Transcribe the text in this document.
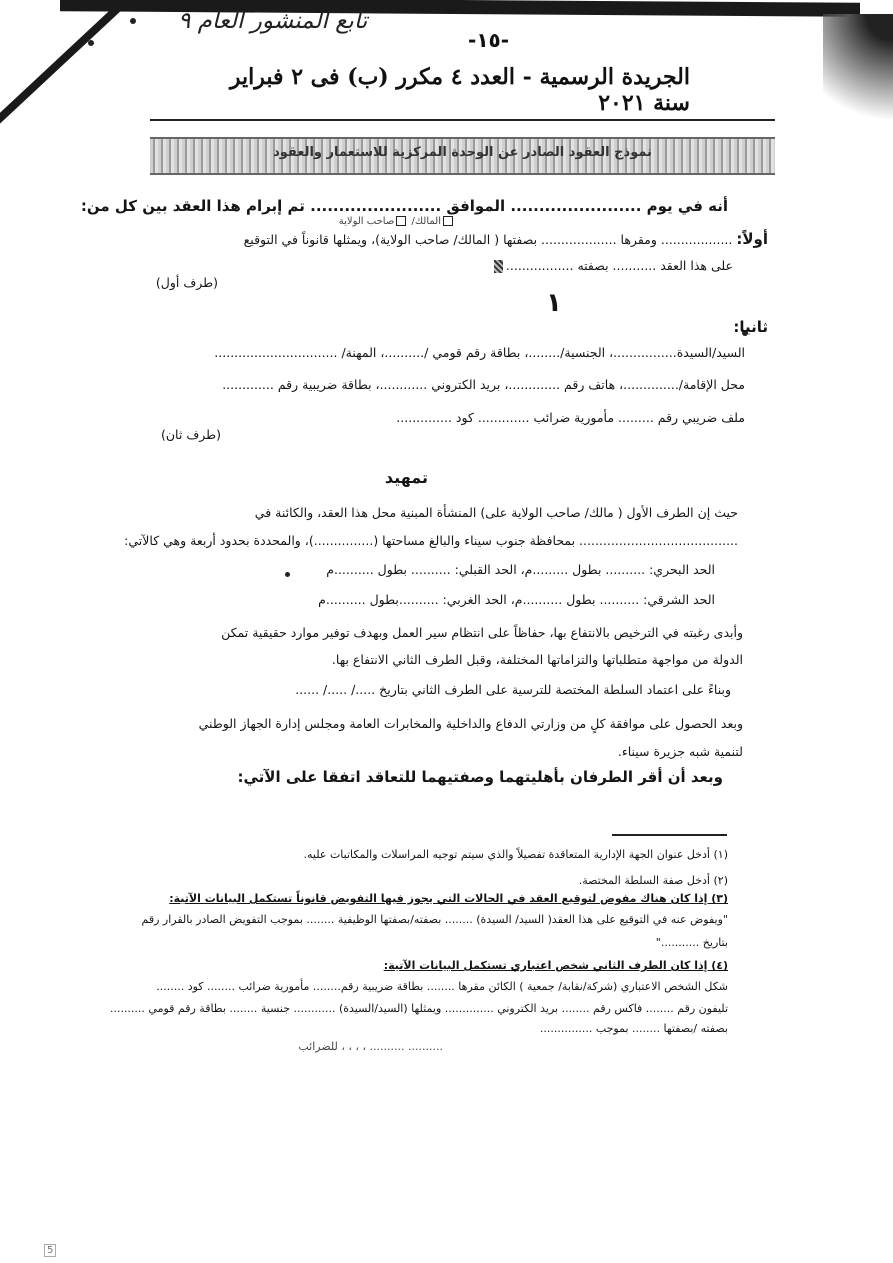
تابع المنشور العام ٩
-١٥-
الجريدة الرسمية - العدد ٤ مكرر (ب) فى ٢ فبراير سنة ٢٠٢١
نموذج العقود الصادر عن الوحدة المركزية للاستعمار والعقود
أنه في يوم ....................... الموافق ....................... تم إبرام هذا العقد بين كل من:
أولاً: .................. ومقرها ................... بصفتها ( المالك/ صاحب الولاية)، ويمثلها قانوناً في التوقيع
المالك/ صاحب الولاية
على هذا العقد ........... بصفته .................
(طرف أول)
١
ثانيا:
السيد/السيدة................، الجنسية/........، بطاقة رقم قومي /..........، المهنة/ ...............................
محل الإقامة/..............، هاتف رقم .............، بريد الكتروني ............، بطاقة ضريبية رقم .............
ملف ضريبي رقم ......... مأمورية ضرائب ............. كود ..............
(طرف ثان)
تمهيد
حيث إن الطرف الأول ( مالك/ صاحب الولاية على) المنشأة المبنية محل هذا العقد، والكائنة في
........................................ بمحافظة جنوب سيناء والبالغ مساحتها (...............)، والمحددة بحدود أربعة وهي كالآتي:
الحد البحري: .......... بطول .........م، الحد القبلي: .......... بطول ..........م
الحد الشرقي: .......... بطول ..........م، الحد الغربي: ..........بطول ..........م
وأبدى رغبته في الترخيص بالانتفاع بها، حفاظاً على انتظام سير العمل وبهدف توفير موارد حقيقية تمكن
الدولة من مواجهة متطلباتها والتزاماتها المختلفة، وقبل الطرف الثاني الانتفاع بها.
وبناءً على اعتماد السلطة المختصة للترسية على الطرف الثاني بتاريخ ...../ ...../ ......
وبعد الحصول على موافقة كلٍ من وزارتي الدفاع والداخلية والمخابرات العامة ومجلس إدارة الجهاز الوطني
لتنمية شبه جزيرة سيناء.
وبعد أن أقر الطرفان بأهليتهما وصفتيهما للتعاقد اتفقا على الآتي:
(١) أدخل عنوان الجهة الإدارية المتعاقدة تفصيلاً والذي سيتم توجيه المراسلات والمكاتبات عليه.
(٢) أدخل صفة السلطة المختصة.
(٣) إذا كان هناك مفوض لتوقيع العقد في الحالات التي يجوز فيها التفويض قانوناً تستكمل البيانات الآتية:
"ويفوض عنه في التوقيع على هذا العقد( السيد/ السيدة) ........ بصفته/بصفتها الوظيفية ........ بموجب التفويض الصادر بالقرار رقم
بتاريخ ..........."
(٤) إذا كان الطرف الثاني شخص اعتباري تستكمل البيانات الآتية:
شكل الشخص الاعتباري (شركة/نقابة/ جمعية ) الكائن مقرها ........ بطاقة ضريبية رقم........ مأمورية ضرائب ........ كود ........
تليفون رقم ........ فاكس رقم ........ بريد الكتروني .............. ويمثلها (السيد/السيدة) ............ جنسية ........ بطاقة رقم قومي ..........
بصفته /بصفتها ........ بموجب ...............
.......... .......... ، ، ، ، للضرائب
5
